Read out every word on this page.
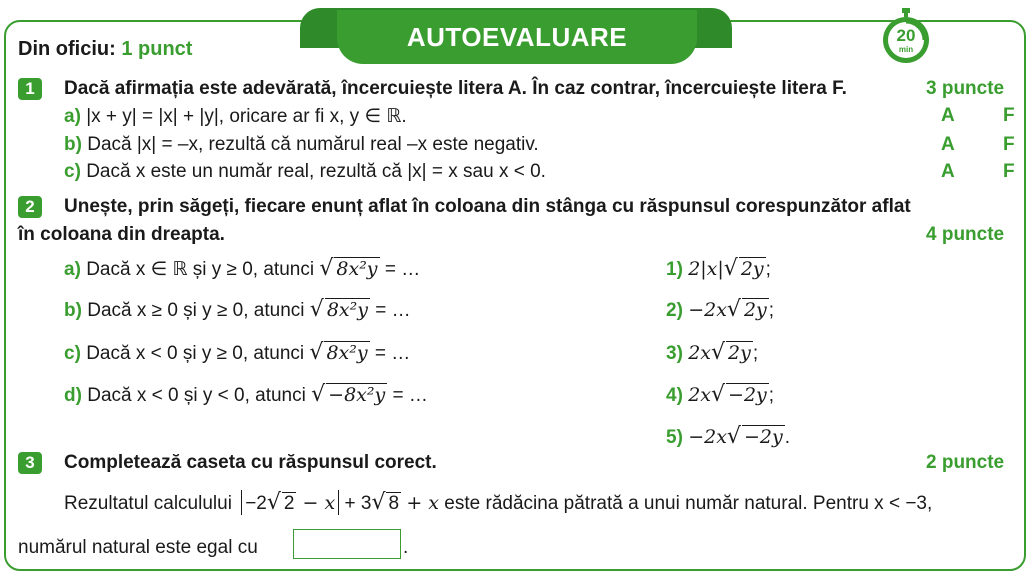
AUTOEVALUARE
Din oficiu: 1 punct
20
min
1	Dacă afirmația este adevărată, încercuiește litera A. În caz contrar, încercuiește litera F.	3 puncte
a) |x + y| = |x| + |y|, oricare ar fi x, y ∈ ℝ.	A	F
b) Dacă |x| = –x, rezultă că numărul real –x este negativ.	A	F
c) Dacă x este un număr real, rezultă că |x| = x sau x < 0.	A	F
2	Unește, prin săgeți, fiecare enunț aflat în coloana din stânga cu răspunsul corespunzător aflat
în coloana din dreapta.	4 puncte
a) Dacă x ∈ ℝ și y ≥ 0, atunci √ 8x²y = …
b) Dacă x ≥ 0 și y ≥ 0, atunci √ 8x²y = …
c) Dacă x < 0 și y ≥ 0, atunci √ 8x²y = …
d) Dacă x < 0 și y < 0, atunci √ −8x²y = …
1) 2|x|√ 2y ;
2) −2x√ 2y ;
3) 2x√ 2y ;
4) 2x√ −2y ;
5) −2x√ −2y .
3	Completează caseta cu răspunsul corect.	2 puncte
Rezultatul calculului −2√ 2 − x + 3√ 8 + x este rădăcina pătrată a unui număr natural. Pentru x < −3,
numărul natural este egal cu	.
